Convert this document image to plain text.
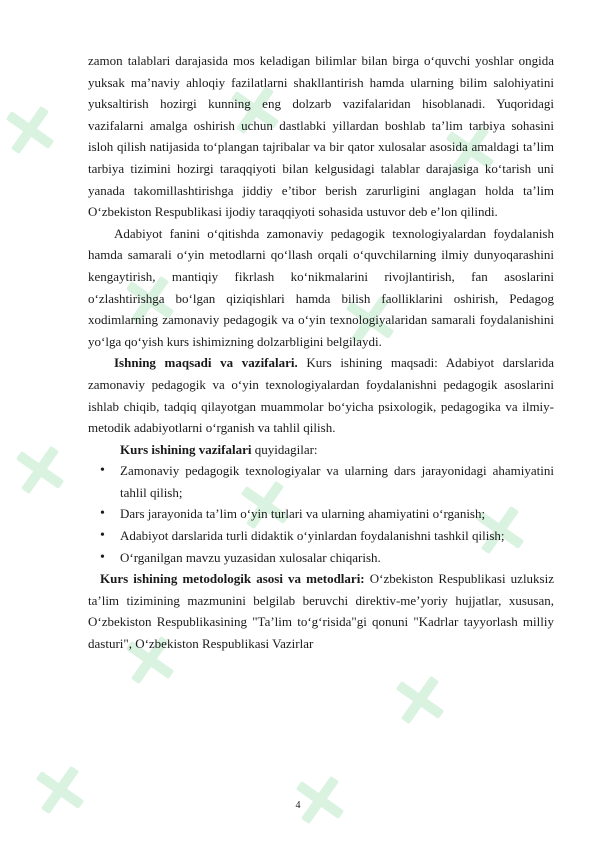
zamon talablari darajasida mos keladigan bilimlar bilan birga o‘quvchi yoshlar ongida yuksak ma’naviy ahloqiy fazilatlarni shakllantirish hamda ularning bilim salohiyatini yuksaltirish hozirgi kunning eng dolzarb vazifalaridan hisoblanadi. Yuqoridagi vazifalarni amalga oshirish uchun dastlabki yillardan boshlab ta’lim tarbiya sohasini isloh qilish natijasida to‘plangan tajribalar va bir qator xulosalar asosida amaldagi ta’lim tarbiya tizimini hozirgi taraqqiyoti bilan kelgusidagi talablar darajasiga ko‘tarish uni yanada takomillashtirishga jiddiy e’tibor berish zarurligini anglagan holda ta’lim O‘zbekiston Respublikasi ijodiy taraqqiyoti sohasida ustuvor deb e’lon qilindi.

Adabiyot fanini o‘qitishda zamonaviy pedagogik texnologiyalardan foydalanish hamda samarali o‘yin metodlarni qo‘llash orqali o‘quvchilarning ilmiy dunyoqarashini kengaytirish, mantiqiy fikrlash ko‘nikmalarini rivojlantirish, fan asoslarini o‘zlashtirishga bo‘lgan qiziqishlari hamda bilish faolliklarini oshirish, Pedagog xodimlarning zamonaviy pedagogik va o‘yin texnologiyalaridan samarali foydalanishini yo‘lga qo‘yish kurs ishimizning dolzarbligini belgilaydi.

Ishning maqsadi va vazifalari. Kurs ishining maqsadi: Adabiyot darslarida zamonaviy pedagogik va o‘yin texnologiyalardan foydalanishni pedagogik asoslarini ishlab chiqib, tadqiq qilayotgan muammolar bo‘yicha psixologik, pedagogika va ilmiy-metodik adabiyotlarni o‘rganish va tahlil qilish.

Kurs ishining vazifalari quyidagilar:

• Zamonaviy pedagogik texnologiyalar va ularning dars jarayonidagi ahamiyatini tahlil qilish;
• Dars jarayonida ta’lim o‘yin turlari va ularning ahamiyatini o‘rganish;
• Adabiyot darslarida turli didaktik o‘yinlardan foydalanishni tashkil qilish;
• O‘rganilgan mavzu yuzasidan xulosalar chiqarish.

Kurs ishining metodologik asosi va metodlari: O‘zbekiston Respublikasi uzluksiz ta’lim tizimining mazmunini belgilab beruvchi direktiv-me’yoriy hujjatlar, xususan, O‘zbekiston Respublikasining "Ta’lim to‘g‘risida"gi qonuni "Kadrlar tayyorlash milliy dasturi", O‘zbekiston Respublikasi Vazirlar

4
